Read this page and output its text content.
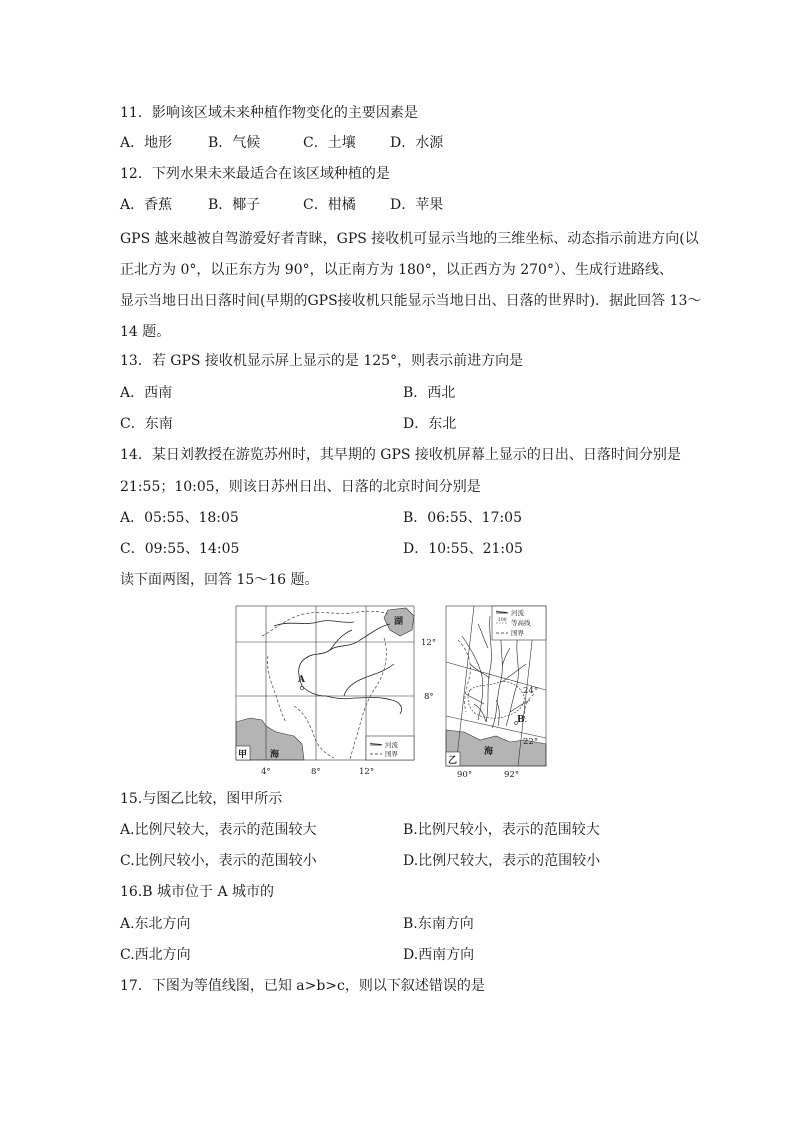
11．影响该区域未来种植作物变化的主要因素是
A．地形	B．气候	C．土壤 D．水源
12．下列水果未来最适合在该区域种植的是
A．香蕉	B．椰子	C．柑橘 D．苹果
GPS 越来越被自驾游爱好者青睐，GPS 接收机可显示当地的三维坐标、动态指示前进方向(以
正北方为 0°，以正东方为 90°，以正南方为 180°，以正西方为 270°）、生成行进路线、
显示当地日出日落时间(早期的GPS接收机只能显示当地日出、日落的世界时)．据此回答 13～
14 题。
13．若 GPS 接收机显示屏上显示的是 125°，则表示前进方向是
A．西南	B．西北
C．东南	D．东北
14．某日刘教授在游览苏州时，其早期的 GPS 接收机屏幕上显示的日出、日落时间分别是
21:55；10:05，则该日苏州日出、日落的北京时间分别是
A．05:55、18:05	B．06:55、17:05
C．09:55、14:05	D．10:55、21:05
读下面两图，回答 15～16 题。
A
湖
甲	海
河流
国界
12°
8°
4°	8°	12°
B
河流
100 等高线
国界
乙
海
24°
22°
90°	92°
15.与图乙比较，图甲所示
A.比例尺较大，表示的范围较大	B.比例尺较小，表示的范围较大
C.比例尺较小，表示的范围较小	D.比例尺较大，表示的范围较小
16.B 城市位于 A 城市的
A.东北方向	B.东南方向
C.西北方向	D.西南方向
17．下图为等值线图，已知 a>b>c，则以下叙述错误的是
